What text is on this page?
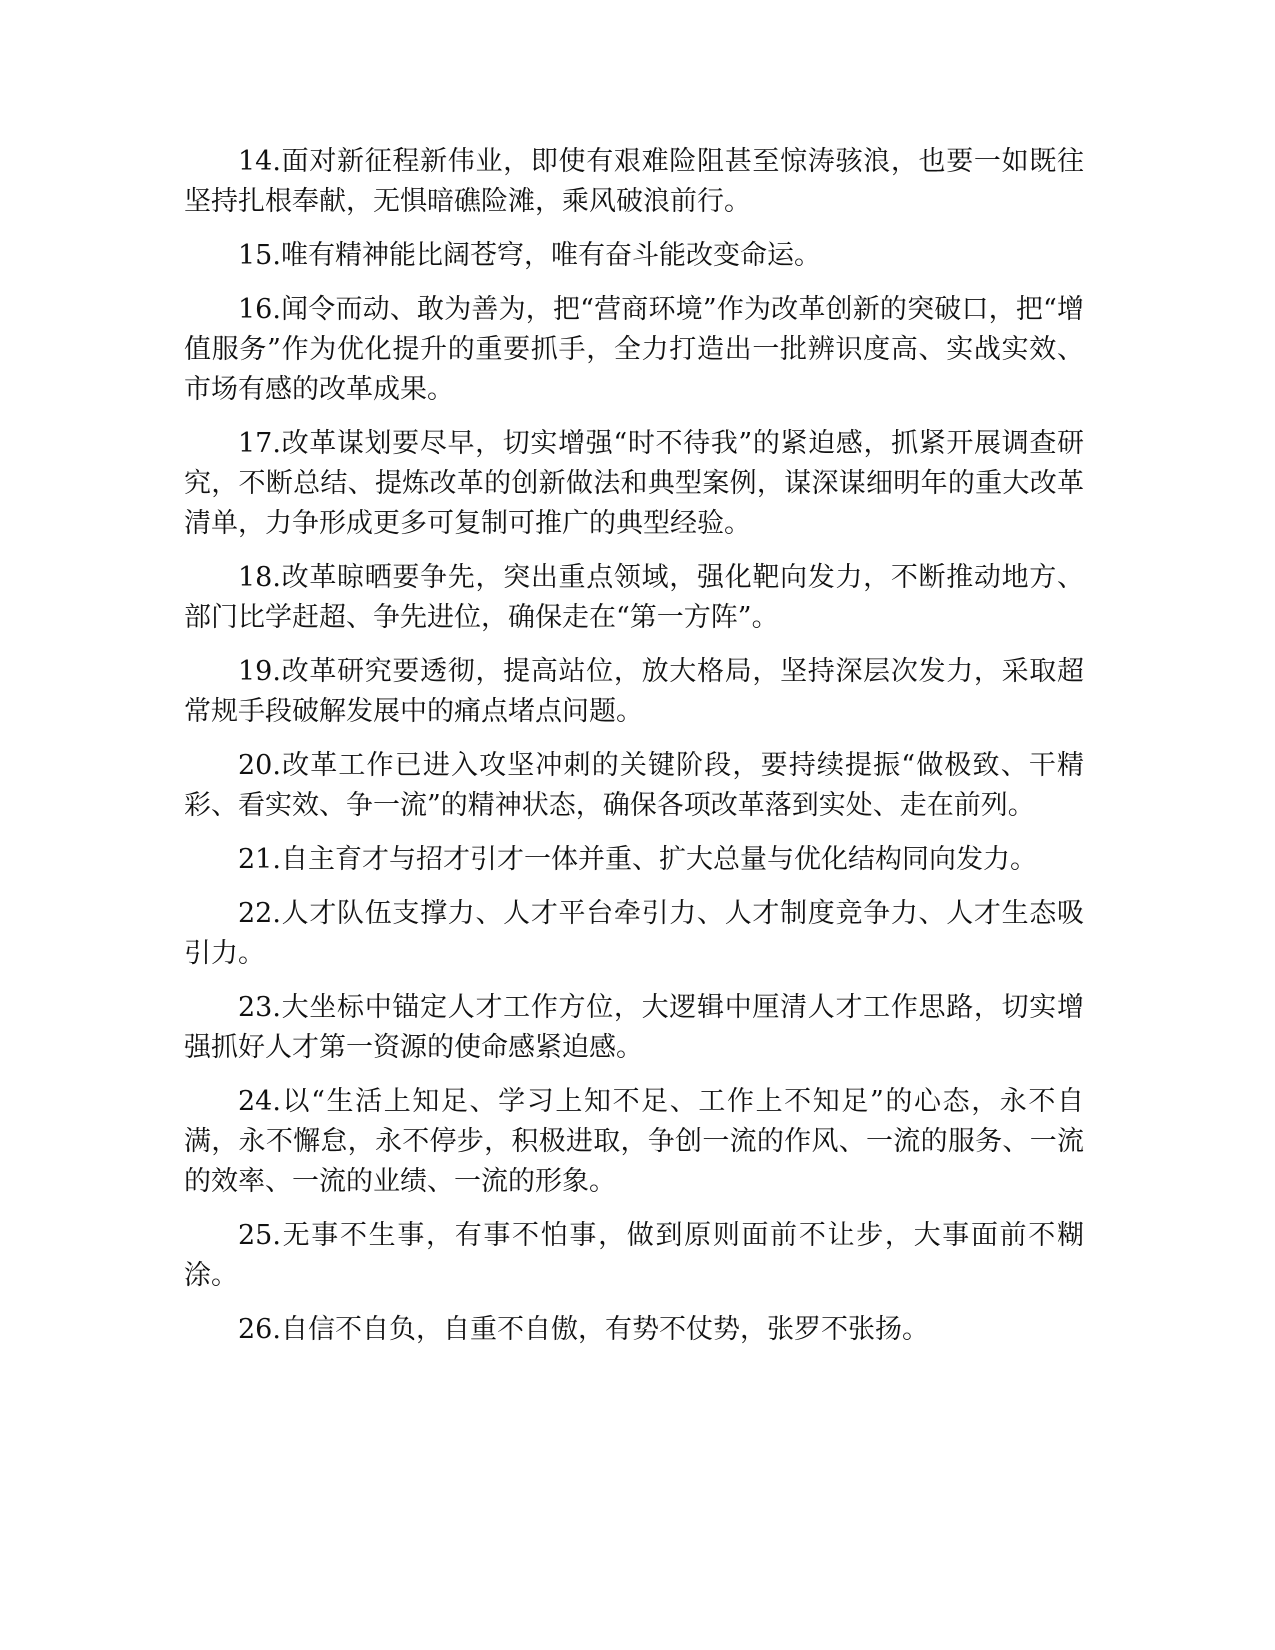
14.面对新征程新伟业，即使有艰难险阻甚至惊涛骇浪，也要一如既往坚持扎根奉献，无惧暗礁险滩，乘风破浪前行。

15.唯有精神能比阔苍穹，唯有奋斗能改变命运。

16.闻令而动、敢为善为，把“营商环境”作为改革创新的突破口，把“增值服务”作为优化提升的重要抓手，全力打造出一批辨识度高、实战实效、市场有感的改革成果。

17.改革谋划要尽早，切实增强“时不待我”的紧迫感，抓紧开展调查研究，不断总结、提炼改革的创新做法和典型案例，谋深谋细明年的重大改革清单，力争形成更多可复制可推广的典型经验。

18.改革晾晒要争先，突出重点领域，强化靶向发力，不断推动地方、部门比学赶超、争先进位，确保走在“第一方阵”。

19.改革研究要透彻，提高站位，放大格局，坚持深层次发力，采取超常规手段破解发展中的痛点堵点问题。

20.改革工作已进入攻坚冲刺的关键阶段，要持续提振“做极致、干精彩、看实效、争一流”的精神状态，确保各项改革落到实处、走在前列。

21.自主育才与招才引才一体并重、扩大总量与优化结构同向发力。

22.人才队伍支撑力、人才平台牵引力、人才制度竞争力、人才生态吸引力。

23.大坐标中锚定人才工作方位，大逻辑中厘清人才工作思路，切实增强抓好人才第一资源的使命感紧迫感。

24.以“生活上知足、学习上知不足、工作上不知足”的心态，永不自满，永不懈怠，永不停步，积极进取，争创一流的作风、一流的服务、一流的效率、一流的业绩、一流的形象。

25.无事不生事，有事不怕事，做到原则面前不让步，大事面前不糊涂。

26.自信不自负，自重不自傲，有势不仗势，张罗不张扬。
